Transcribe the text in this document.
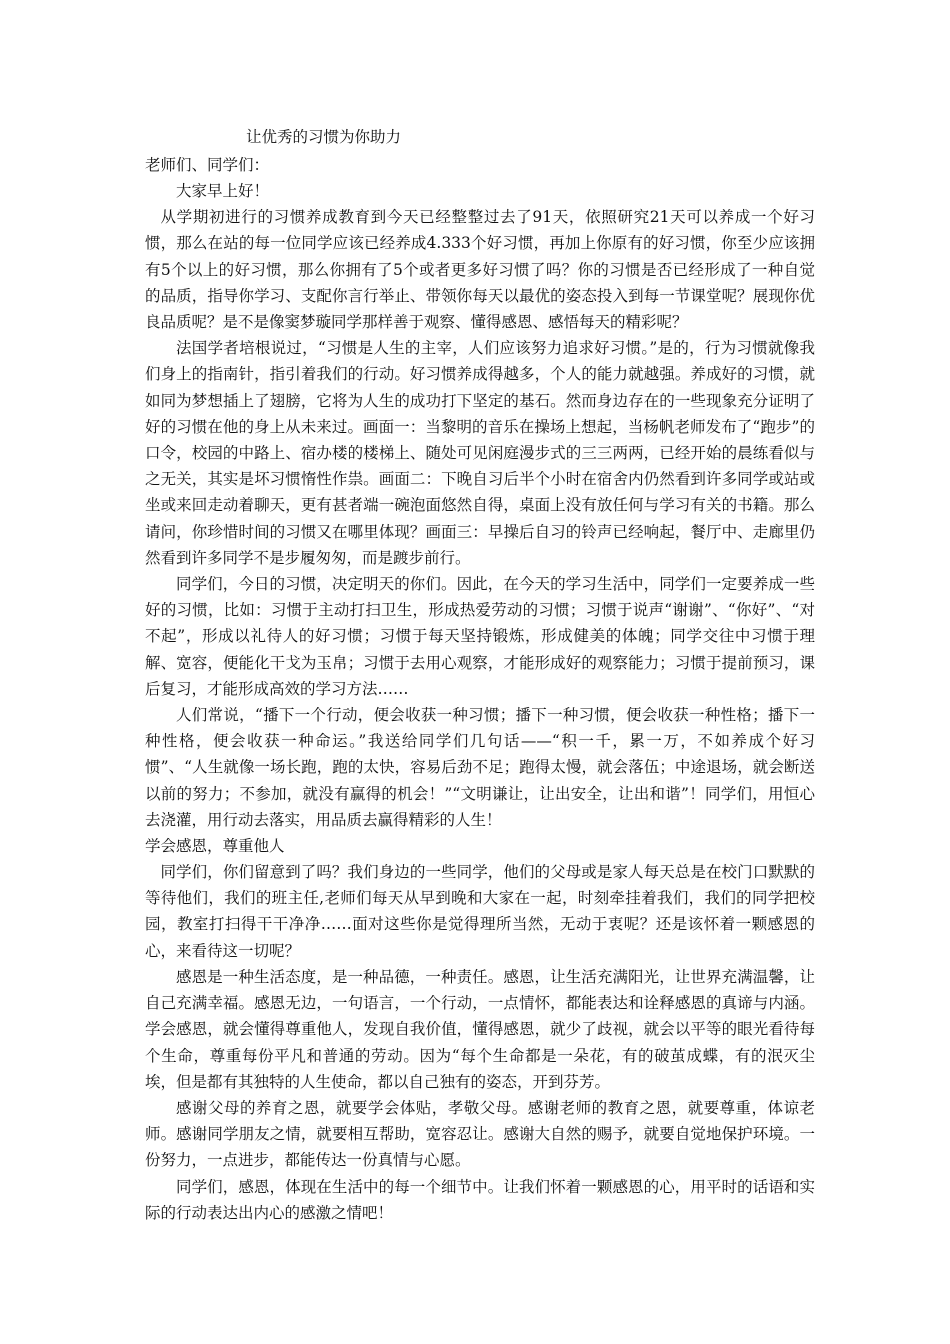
让优秀的习惯为你助力

老师们、同学们：

大家早上好！

从学期初进行的习惯养成教育到今天已经整整过去了91天，依照研究21天可以养成一个好习惯，那么在站的每一位同学应该已经养成4.333个好习惯，再加上你原有的好习惯，你至少应该拥有5个以上的好习惯，那么你拥有了5个或者更多好习惯了吗？你的习惯是否已经形成了一种自觉的品质，指导你学习、支配你言行举止、带领你每天以最优的姿态投入到每一节课堂呢？展现你优良品质呢？是不是像窦梦璇同学那样善于观察、懂得感恩、感悟每天的精彩呢？

法国学者培根说过，“习惯是人生的主宰，人们应该努力追求好习惯。”是的，行为习惯就像我们身上的指南针，指引着我们的行动。好习惯养成得越多，个人的能力就越强。养成好的习惯，就如同为梦想插上了翅膀，它将为人生的成功打下坚定的基石。然而身边存在的一些现象充分证明了好的习惯在他的身上从未来过。画面一：当黎明的音乐在操场上想起，当杨帆老师发布了“跑步”的口令，校园的中路上、宿办楼的楼梯上、随处可见闲庭漫步式的三三两两，已经开始的晨练看似与之无关，其实是坏习惯惰性作祟。画面二：下晚自习后半个小时在宿舍内仍然看到许多同学或站或坐或来回走动着聊天，更有甚者端一碗泡面悠然自得，桌面上没有放任何与学习有关的书籍。那么请问，你珍惜时间的习惯又在哪里体现？画面三：早操后自习的铃声已经响起，餐厅中、走廊里仍然看到许多同学不是步履匆匆，而是踱步前行。

同学们，今日的习惯，决定明天的你们。因此，在今天的学习生活中，同学们一定要养成一些好的习惯，比如：习惯于主动打扫卫生，形成热爱劳动的习惯；习惯于说声“谢谢”、“你好”、“对不起”，形成以礼待人的好习惯；习惯于每天坚持锻炼，形成健美的体魄；同学交往中习惯于理解、宽容，便能化干戈为玉帛；习惯于去用心观察，才能形成好的观察能力；习惯于提前预习，课后复习，才能形成高效的学习方法……

人们常说，“播下一个行动，便会收获一种习惯；播下一种习惯，便会收获一种性格；播下一种性格，便会收获一种命运。”我送给同学们几句话——“积一千，累一万，不如养成个好习惯”、“人生就像一场长跑，跑的太快，容易后劲不足；跑得太慢，就会落伍；中途退场，就会断送以前的努力；不参加，就没有赢得的机会！”“文明谦让，让出安全，让出和谐”！同学们，用恒心去浇灌，用行动去落实，用品质去赢得精彩的人生！

学会感恩，尊重他人

同学们，你们留意到了吗？我们身边的一些同学，他们的父母或是家人每天总是在校门口默默的等待他们，我们的班主任,老师们每天从早到晚和大家在一起，时刻牵挂着我们，我们的同学把校园，教室打扫得干干净净……面对这些你是觉得理所当然，无动于衷呢？还是该怀着一颗感恩的心，来看待这一切呢？

感恩是一种生活态度，是一种品德，一种责任。感恩，让生活充满阳光，让世界充满温馨，让自己充满幸福。感恩无边，一句语言，一个行动，一点情怀，都能表达和诠释感恩的真谛与内涵。学会感恩，就会懂得尊重他人，发现自我价值，懂得感恩，就少了歧视，就会以平等的眼光看待每个生命，尊重每份平凡和普通的劳动。因为“每个生命都是一朵花，有的破茧成蝶，有的泯灭尘埃，但是都有其独特的人生使命，都以自己独有的姿态，开到芬芳。

感谢父母的养育之恩，就要学会体贴，孝敬父母。感谢老师的教育之恩，就要尊重，体谅老师。感谢同学朋友之情，就要相互帮助，宽容忍让。感谢大自然的赐予，就要自觉地保护环境。一份努力，一点进步，都能传达一份真情与心愿。

同学们，感恩，体现在生活中的每一个细节中。让我们怀着一颗感恩的心，用平时的话语和实际的行动表达出内心的感激之情吧！
